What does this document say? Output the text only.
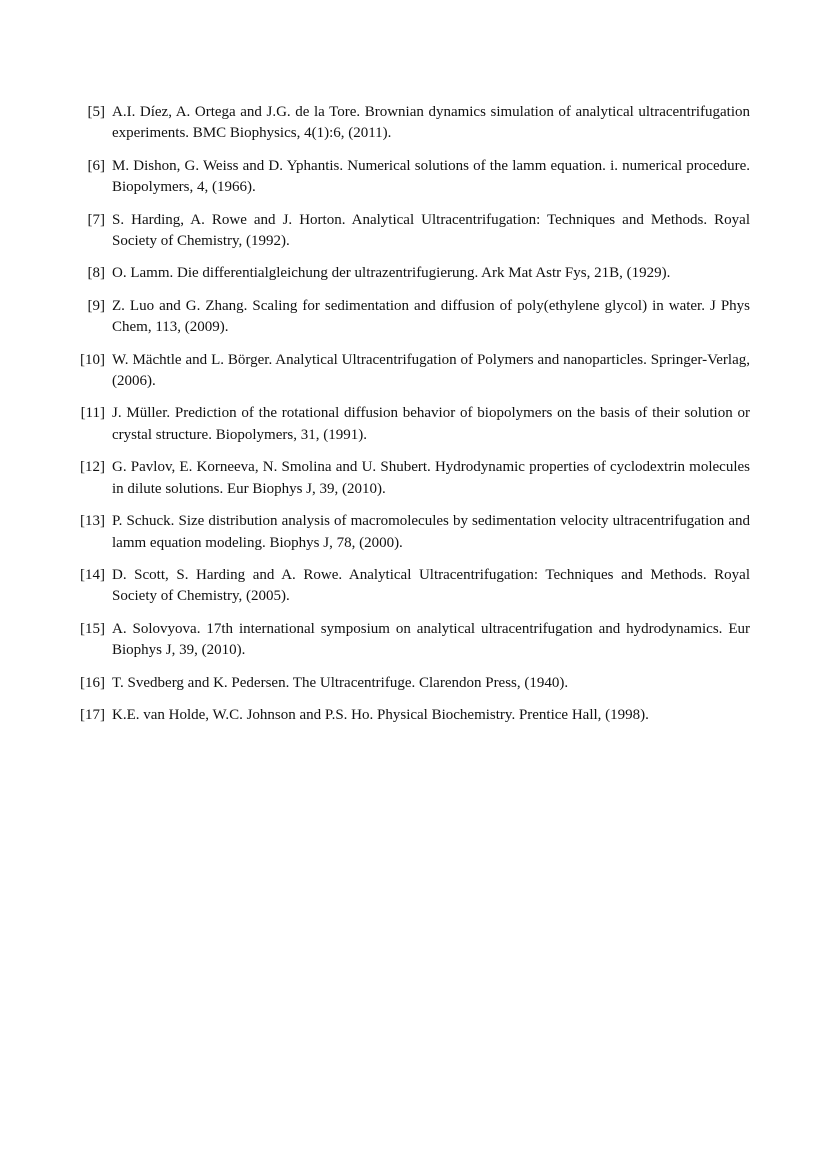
[5] A.I. Díez, A. Ortega and J.G. de la Tore. Brownian dynamics simulation of analytical ultracentrifugation experiments. BMC Biophysics, 4(1):6, (2011).
[6] M. Dishon, G. Weiss and D. Yphantis. Numerical solutions of the lamm equation. i. numerical procedure. Biopolymers, 4, (1966).
[7] S. Harding, A. Rowe and J. Horton. Analytical Ultracentrifugation: Techniques and Methods. Royal Society of Chemistry, (1992).
[8] O. Lamm. Die differentialgleichung der ultrazentrifugierung. Ark Mat Astr Fys, 21B, (1929).
[9] Z. Luo and G. Zhang. Scaling for sedimentation and diffusion of poly(ethylene glycol) in water. J Phys Chem, 113, (2009).
[10] W. Mächtle and L. Börger. Analytical Ultracentrifugation of Polymers and nanoparticles. Springer-Verlag, (2006).
[11] J. Müller. Prediction of the rotational diffusion behavior of biopolymers on the basis of their solution or crystal structure. Biopolymers, 31, (1991).
[12] G. Pavlov, E. Korneeva, N. Smolina and U. Shubert. Hydrodynamic properties of cyclodextrin molecules in dilute solutions. Eur Biophys J, 39, (2010).
[13] P. Schuck. Size distribution analysis of macromolecules by sedimentation velocity ultracentrifugation and lamm equation modeling. Biophys J, 78, (2000).
[14] D. Scott, S. Harding and A. Rowe. Analytical Ultracentrifugation: Techniques and Methods. Royal Society of Chemistry, (2005).
[15] A. Solovyova. 17th international symposium on analytical ultracentrifugation and hydrodynamics. Eur Biophys J, 39, (2010).
[16] T. Svedberg and K. Pedersen. The Ultracentrifuge. Clarendon Press, (1940).
[17] K.E. van Holde, W.C. Johnson and P.S. Ho. Physical Biochemistry. Prentice Hall, (1998).
